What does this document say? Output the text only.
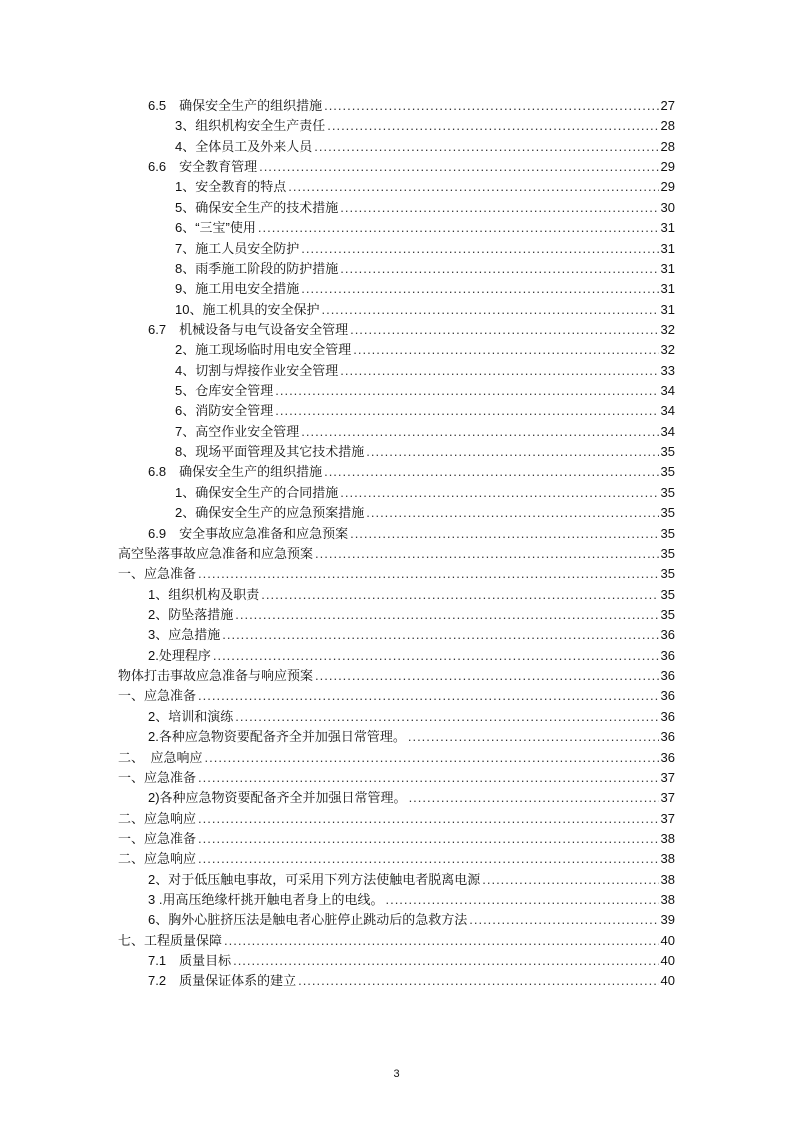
6.5　确保安全生产的组织措施 .....	27
3、组织机构安全生产责任 .....	28
4、全体员工及外来人员 .....	28
6.6　安全教育管理 .....	29
1、安全教育的特点 .....	29
5、确保安全生产的技术措施 .....	30
6、“三宝”使用 .....	31
7、施工人员安全防护 .....	31
8、雨季施工阶段的防护措施 .....	31
9、施工用电安全措施 .....	31
10、施工机具的安全保护 .....	31
6.7　机械设备与电气设备安全管理 .....	32
2、施工现场临时用电安全管理 .....	32
4、切割与焊接作业安全管理 .....	33
5、仓库安全管理 .....	34
6、消防安全管理 .....	34
7、高空作业安全管理 .....	34
8、现场平面管理及其它技术措施 .....	35
6.8　确保安全生产的组织措施 .....	35
1、确保安全生产的合同措施 .....	35
2、确保安全生产的应急预案措施 .....	35
6.9　安全事故应急准备和应急预案 .....	35
高空坠落事故应急准备和应急预案 .....	35
一、应急准备 .....	35
1、组织机构及职责 .....	35
2、防坠落措施 .....	35
3、应急措施 .....	36
2.处理程序 .....	36
物体打击事故应急准备与响应预案 .....	36
一、应急准备 .....	36
2、培训和演练 .....	36
2.各种应急物资要配备齐全并加强日常管理。 .....	36
二、　应急响应 .....	36
一、应急准备 .....	37
2)各种应急物资要配备齐全并加强日常管理。 .....	37
二、应急响应 .....	37
一、应急准备 .....	38
二、应急响应 .....	38
2、对于低压触电事故，可采用下列方法使触电者脱离电源 .....	38
3 .用高压绝缘杆挑开触电者身上的电线。 .....	38
6、胸外心脏挤压法是触电者心脏停止跳动后的急救方法 .....	39
七、工程质量保障 .....	40
7.1　质量目标 .....	40
7.2　质量保证体系的建立 .....	40
3
